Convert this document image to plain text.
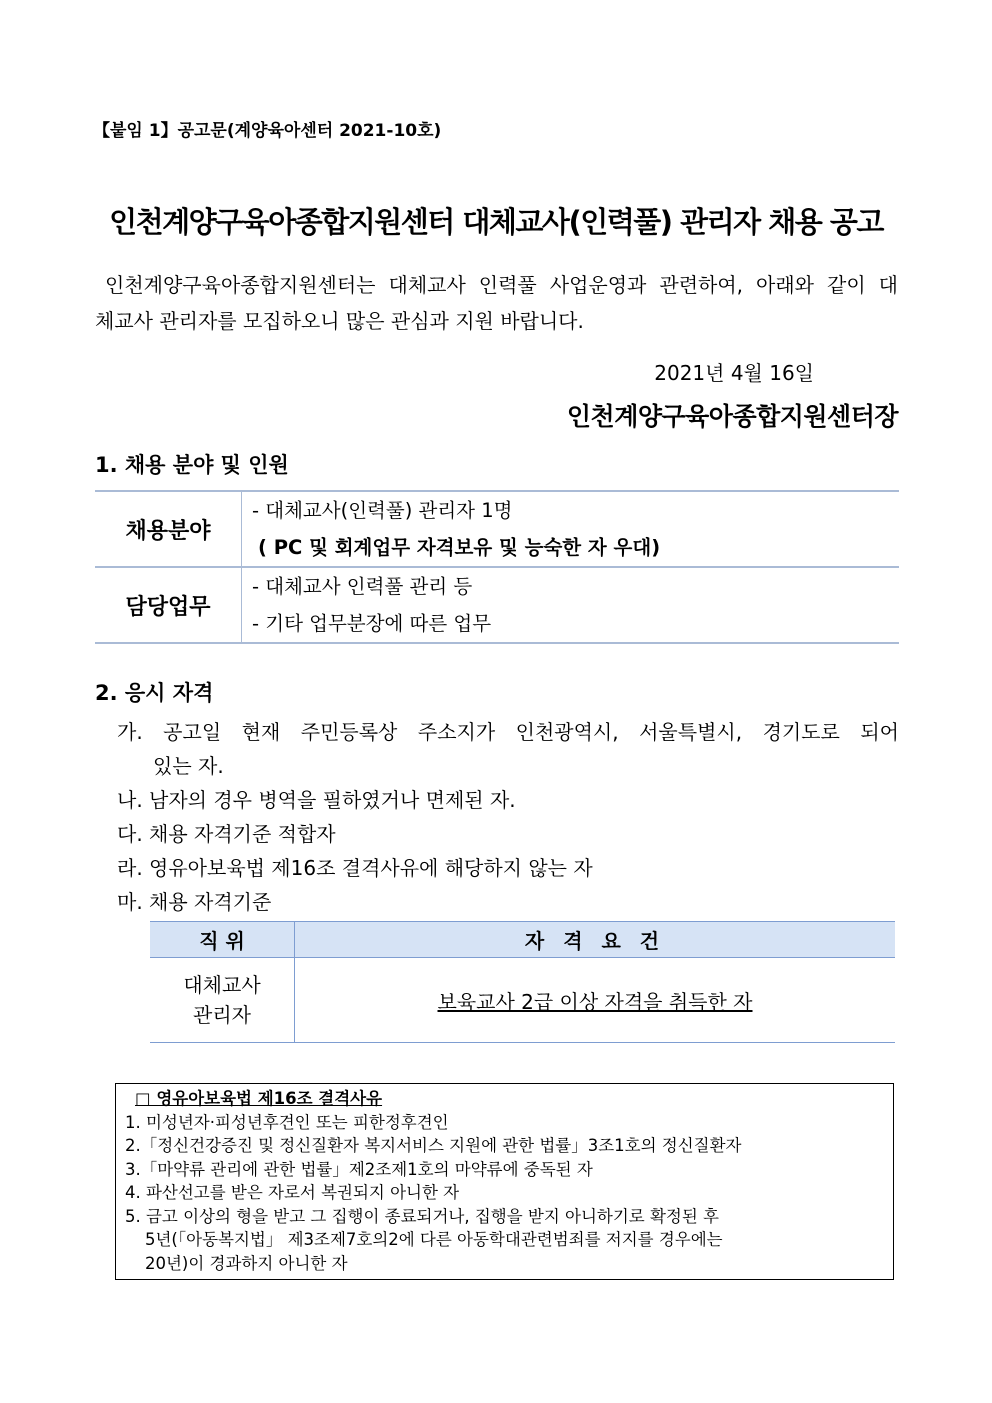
【붙임 1】공고문(계양육아센터 2021-10호)
인천계양구육아종합지원센터 대체교사(인력풀) 관리자 채용 공고
인천계양구육아종합지원센터는 대체교사 인력풀 사업운영과 관련하여, 아래와 같이 대
체교사 관리자를 모집하오니 많은 관심과 지원 바랍니다.
2021년 4월 16일
인천계양구육아종합지원센터장
1. 채용 분야 및 인원
채용분야	- 대체교사(인력풀) 관리자 1명
( PC 및 회계업무 자격보유 및 능숙한 자 우대)

담당업무	- 대체교사 인력풀 관리 등
- 기타 업무분장에 따른 업무
2. 응시 자격
가. 공고일 현재 주민등록상 주소지가 인천광역시, 서울특별시, 경기도로 되어
있는 자.
나. 남자의 경우 병역을 필하였거나 면제된 자.
다. 채용 자격기준 적합자
라. 영유아보육법 제16조 결격사유에 해당하지 않는 자
마. 채용 자격기준
직 위	자 격 요 건

대체교사
관리자	보육교사 2급 이상 자격을 취득한 자
□ 영유아보육법 제16조 결격사유
1. 미성년자·피성년후견인 또는 피한정후견인
2.「정신건강증진 및 정신질환자 복지서비스 지원에 관한 법률」3조1호의 정신질환자
3.「마약류 관리에 관한 법률」제2조제1호의 마약류에 중독된 자
4. 파산선고를 받은 자로서 복권되지 아니한 자
5. 금고 이상의 형을 받고 그 집행이 종료되거나, 집행을 받지 아니하기로 확정된 후
5년(「아동복지법」 제3조제7호의2에 다른 아동학대관련범죄를 저지를 경우에는
20년)이 경과하지 아니한 자
